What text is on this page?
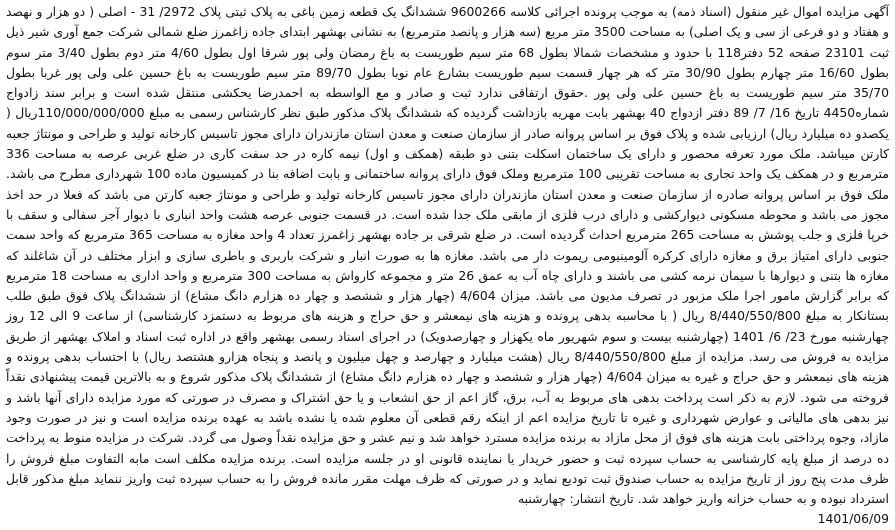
آگهی مزایده اموال غیر منقول (اسناد ذمه) به موجب پرونده اجرائی کلاسه 9600266 ششدانگ یک قطعه زمین باغی به پلاک ثبتی پلاک 2972/ 31 - اصلی ( دو هزار و نهصد و هفتاد و دو فرعی از سی و یک اصلی) به مساحت 3500 متر مربع (سه هزار و پانصد مترمربع) به نشانی بهشهر ابتدای جاده زاغمرز ضلع شمالی شرکت جمع آوری شیر ذیل ثبت 23101 صفحه 52 دفتر118 با حدود و مشخصات شمالا بطول 68 متر سیم طوریست به باغ رمضان ولی پور شرقا اول بطول 4/60 متر دوم بطول 3/40 متر سوم بطول 16/60 متر چهارم بطول 30/90 متر که هر چهار قسمت سیم طوریست بشارع عام نوبا بطول 89/70 متر سیم طوریست به باغ حسین علی ولی پور غربا بطول 35/70 متر سیم طوریست به باغ حسین علی ولی پور .حقوق ارتفاقی ندارد ثبت و صادر و مع الواسطه به احمدرضا یحکشی منتقل شده است و برابر سند زادواج شماره4450 تاریخ 16/ 7/ 89 دفتر ازدواج 40 بهشهر بابت مهریه بازداشت گردیده که ششدانگ پلاک مذکور طبق نظر کارشناس رسمی به مبلغ 110/000/000/000ریال ( یکصدو ده میلیارد ریال) ارزیابی شده و پلاک فوق بر اساس پروانه صادر از سازمان صنعت و معدن استان مازندران دارای مجوز تاسیس کارخانه تولید و طراحی و مونتاژ جعبه کارتن میباشد. ملک مورد تعرفه محصور و دارای یک ساختمان اسکلت بتنی دو طبقه (همکف و اول) نیمه کاره در حد سفت کاری در ضلع غربی عرصه به مساحت 336 مترمربع و در همکف یک واحد تجاری به مساحت تقریبی 100 مترمربع وملک فوق دارای پروانه ساختمانی و بابت اضافه بنا در کمیسیون ماده 100 شهرداری مطرح می باشد. ملک فوق بر اساس پروانه صادره از سازمان صنعت و معدن استان مازندران دارای مجوز تاسیس کارخانه تولید و طراحی و مونتاژ جعبه کارتن می باشد که فعلا در حد اخذ مجوز می باشد و محوطه مسکونی دیوارکشی و دارای درب فلزی از مابقی ملک جدا شده است. در قسمت جنوبی عرصه هشت واحد انباری با دیوار آجر سفالی و سقف با خرپا فلزی و جلب پوشش به مساحت 265 مترمربع احداث گردیده است. در ضلع شرقی بر جاده بهشهر زاغمرز تعداد 4 واحد مغازه به مساحت 365 مترمربع که واحد سمت جنوبی دارای امتیاز برق و مغازه دارای کرکره آلومینیومی ریموت دار می باشد. مغازه ها به صورت انبار و شرکت باربری و باطری سازی و ابزار مختلف در آن شاغلند که مغازه ها بتنی و دیوارها با سیمان نرمه کشی می باشند و دارای چاه آب به عمق 26 متر و مجموعه کارواش به مساحت 300 مترمربع و واحد اداری به مساحت 18 مترمربع که برابر گزارش مامور اجرا ملک مزبور در تصرف مدیون می باشد. میزان 4/604 (چهار هزار و ششصد و چهار ده هزارم دانگ مشاع) از ششدانگ پلاک فوق طبق طلب بستانکار به مبلغ 8/440/550/800 ریال ( با محاسبه بدهی پرونده و هزینه های نیمعشر و حق حراج و هزینه های مربوط به دستمزد کارشناسی) از ساعت 9 الی 12 روز چهارشنبه مورخ 23/ 6/ 1401 (چهارشنبه بیست و سوم شهریور ماه یکهزار و چهارصدویک) در اجرای اسناد رسمی بهشهر واقع در اداره ثبت اسناد و املاک بهشهر از طریق مزایده به فروش می رسد. مزایده از مبلغ 8/440/550/800 ریال (هشت میلیارد و چهارصد و چهل میلیون و پانصد و پنجاه هزارو هشتصد ریال) با احتساب بدهی پرونده و هزینه های نیمعشر و حق حراج و غیره به میزان 4/604 (چهار هزار و ششصد و چهار ده هزارم دانگ مشاع) از ششدانگ پلاک مذکور شروع و به بالاترین قیمت پیشنهادی نقداً فروخته می شود. لازم به ذکر است پرداخت بدهی های مربوط به آب، برق، گاز اعم از حق انشعاب و یا حق اشتراک و مصرف در صورتی که مورد مزایده دارای آنها باشد و نیز بدهی های مالیاتی و عوارض شهرداری و غیره تا تاریخ مزایده اعم از اینکه رقم قطعی آن معلوم شده یا نشده باشد به عهده برنده مزایده است و نیز در صورت وجود مازاد، وجوه پرداختی بابت هزینه های فوق از محل مازاد به برنده مزایده مسترد خواهد شد و نیم عشر و حق مزایده نقداً وصول می گردد. شرکت در مزایده منوط به پرداخت ده درصد از مبلغ پایه کارشناسی به حساب سپرده ثبت و حضور خریدار یا نماینده قانونی او در جلسه مزایده است. برنده مزایده مکلف است مابه التفاوت مبلغ فروش را ظرف مدت پنج روز از تاریخ مزایده به حساب صندوق ثبت تودیع نماید و در صورتی که ظرف مهلت مقرر مانده فروش را به حساب سپرده ثبت واریز ننماید مبلغ مذکور قابل استرداد نبوده و به حساب خزانه واریز خواهد شد. تاریخ انتشار: چهارشنبه

1401/06/09
